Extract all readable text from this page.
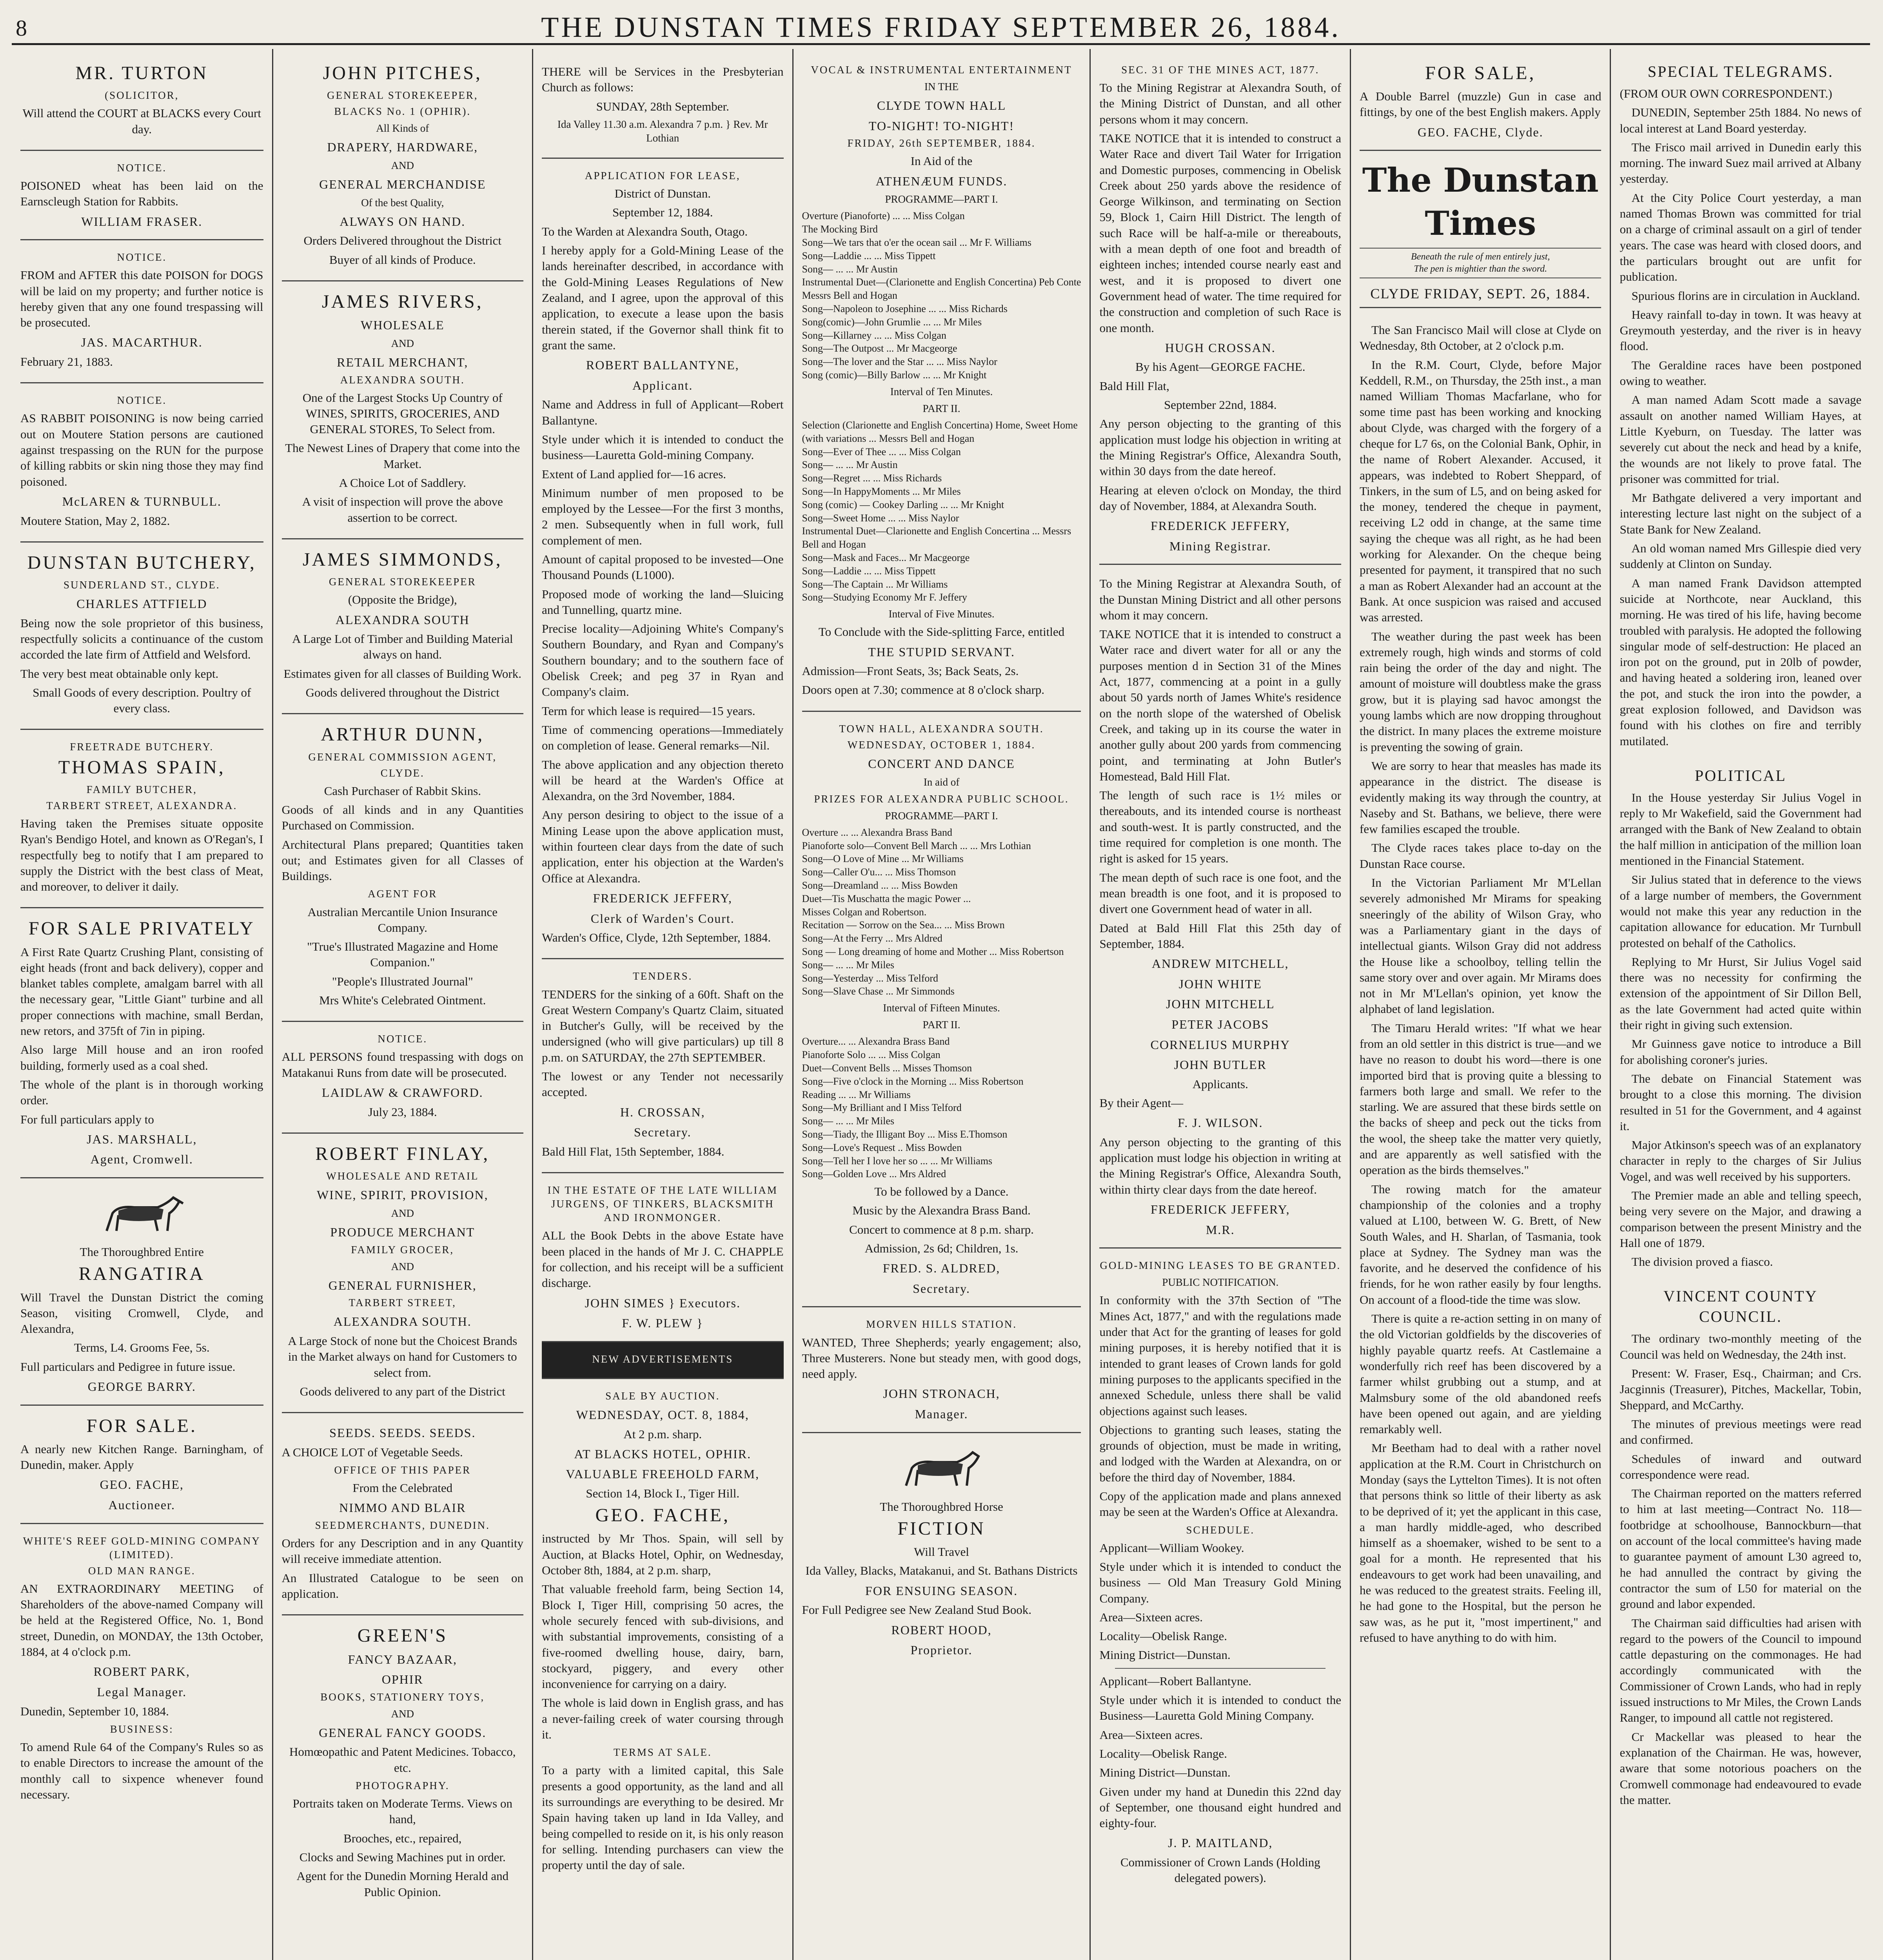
8	THE DUNSTAN TIMES FRIDAY SEPTEMBER 26, 1884.
MR. TURTON
(SOLICITOR,

Will attend the COURT at BLACKS every Court day.

NOTICE.

POISONED wheat has been laid on the Earnscleugh Station for Rabbits.

WILLIAM FRASER.
NOTICE.

FROM and AFTER this date POISON for DOGS will be laid on my property; and further notice is hereby given that any one found trespassing will be prosecuted.

JAS. MACARTHUR.

February 21, 1883.

NOTICE.

AS RABBIT POISONING is now being carried out on Moutere Station persons are cautioned against trespassing on the RUN for the purpose of killing rabbits or skin ning those they may find poisoned.

McLAREN & TURNBULL.

Moutere Station, May 2, 1882.

DUNSTAN BUTCHERY,
SUNDERLAND ST., CLYDE.
CHARLES ATTFIELD

Being now the sole proprietor of this business, respectfully solicits a continuance of the custom accorded the late firm of Attfield and Welsford.

The very best meat obtainable only kept.

Small Goods of every description. Poultry of every class.

FREETRADE BUTCHERY.
THOMAS SPAIN,
FAMILY BUTCHER,
TARBERT STREET, ALEXANDRA.

Having taken the Premises situate opposite Ryan's Bendigo Hotel, and known as O'Regan's, I respectfully beg to notify that I am prepared to supply the District with the best class of Meat, and moreover, to deliver it daily.

FOR SALE PRIVATELY

A First Rate Quartz Crushing Plant, consisting of eight heads (front and back delivery), copper and blanket tables complete, amalgam barrel with all the necessary gear, "Little Giant" turbine and all proper connections with machine, small Berdan, new retors, and 375ft of 7in in piping.

Also large Mill house and an iron roofed building, formerly used as a coal shed.

The whole of the plant is in thorough working order.

For full particulars apply to

JAS. MARSHALL,
Agent, Cromwell.

The Thoroughbred Entire

RANGATIRA

Will Travel the Dunstan District the coming Season, visiting Cromwell, Clyde, and Alexandra,

Terms, L4. Grooms Fee, 5s.

Full particulars and Pedigree in future issue.

GEORGE BARRY.
FOR SALE.

A nearly new Kitchen Range. Barningham, of Dunedin, maker. Apply

GEO. FACHE,
Auctioneer.
WHITE'S REEF GOLD-MINING COMPANY (LIMITED).
OLD MAN RANGE.

AN EXTRAORDINARY MEETING of Shareholders of the above-named Company will be held at the Registered Office, No. 1, Bond street, Dunedin, on MONDAY, the 13th October, 1884, at 4 o'clock p.m.

ROBERT PARK,
Legal Manager.

Dunedin, September 10, 1884.

BUSINESS:

To amend Rule 64 of the Company's Rules so as to enable Directors to increase the amount of the monthly call to sixpence whenever found necessary.

JOHN PITCHES,
GENERAL STOREKEEPER,
BLACKS No. 1 (OPHIR).

All Kinds of

DRAPERY, HARDWARE,

AND

GENERAL MERCHANDISE

Of the best Quality,

ALWAYS ON HAND.

Orders Delivered throughout the District

Buyer of all kinds of Produce.

JAMES RIVERS,
WHOLESALE

AND

RETAIL MERCHANT,
ALEXANDRA SOUTH.

One of the Largest Stocks Up Country of WINES, SPIRITS, GROCERIES, AND GENERAL STORES, To Select from.

The Newest Lines of Drapery that come into the Market.

A Choice Lot of Saddlery.

A visit of inspection will prove the above assertion to be correct.

JAMES SIMMONDS,
GENERAL STOREKEEPER

(Opposite the Bridge),

ALEXANDRA SOUTH

A Large Lot of Timber and Building Material always on hand.

Estimates given for all classes of Building Work.

Goods delivered throughout the District

ARTHUR DUNN,
GENERAL COMMISSION AGENT,
CLYDE.

Cash Purchaser of Rabbit Skins.

Goods of all kinds and in any Quantities Purchased on Commission.

Architectural Plans prepared; Quantities taken out; and Estimates given for all Classes of Buildings.

AGENT FOR

Australian Mercantile Union Insurance Company.

"True's Illustrated Magazine and Home Companion."

"People's Illustrated Journal"

Mrs White's Celebrated Ointment.

NOTICE.

ALL PERSONS found trespassing with dogs on Matakanui Runs from date will be prosecuted.

LAIDLAW & CRAWFORD.

July 23, 1884.

ROBERT FINLAY,
WHOLESALE AND RETAIL
WINE, SPIRIT, PROVISION,

AND

PRODUCE MERCHANT
FAMILY GROCER,

AND

GENERAL FURNISHER,
TARBERT STREET,
ALEXANDRA SOUTH.

A Large Stock of none but the Choicest Brands in the Market always on hand for Customers to select from.

Goods delivered to any part of the District

SEEDS. SEEDS. SEEDS.

A CHOICE LOT of Vegetable Seeds.

OFFICE OF THIS PAPER

From the Celebrated

NIMMO AND BLAIR
SEEDMERCHANTS, DUNEDIN.

Orders for any Description and in any Quantity will receive immediate attention.

An Illustrated Catalogue to be seen on application.

GREEN'S
FANCY BAZAAR,
OPHIR
BOOKS, STATIONERY TOYS,

AND

GENERAL FANCY GOODS.

Homœopathic and Patent Medicines. Tobacco, etc.

PHOTOGRAPHY.

Portraits taken on Moderate Terms. Views on hand,

Brooches, etc., repaired,

Clocks and Sewing Machines put in order.

Agent for the Dunedin Morning Herald and Public Opinion.

THERE will be Services in the Presbyterian Church as follows:

SUNDAY, 28th September.

Ida Valley 11.30 a.m. Alexandra 7 p.m. } Rev. Mr Lothian

APPLICATION FOR LEASE,

District of Dunstan.

September 12, 1884.

To the Warden at Alexandra South, Otago.

I hereby apply for a Gold-Mining Lease of the lands hereinafter described, in accordance with the Gold-Mining Leases Regulations of New Zealand, and I agree, upon the approval of this application, to execute a lease upon the basis therein stated, if the Governor shall think fit to grant the same.

ROBERT BALLANTYNE,
Applicant.

Name and Address in full of Applicant—Robert Ballantyne.

Style under which it is intended to conduct the business—Lauretta Gold-mining Company.

Extent of Land applied for—16 acres.

Minimum number of men proposed to be employed by the Lessee—For the first 3 months, 2 men. Subsequently when in full work, full complement of men.

Amount of capital proposed to be invested—One Thousand Pounds (L1000).

Proposed mode of working the land—Sluicing and Tunnelling, quartz mine.

Precise locality—Adjoining White's Company's Southern Boundary, and Ryan and Company's Southern boundary; and to the southern face of Obelisk Creek; and peg 37 in Ryan and Company's claim.

Term for which lease is required—15 years.

Time of commencing operations—Immediately on completion of lease. General remarks—Nil.

The above application and any objection thereto will be heard at the Warden's Office at Alexandra, on the 3rd November, 1884.

Any person desiring to object to the issue of a Mining Lease upon the above application must, within fourteen clear days from the date of such application, enter his objection at the Warden's Office at Alexandra.

FREDERICK JEFFERY,
Clerk of Warden's Court.

Warden's Office, Clyde, 12th September, 1884.

TENDERS.

TENDERS for the sinking of a 60ft. Shaft on the Great Western Company's Quartz Claim, situated in Butcher's Gully, will be received by the undersigned (who will give particulars) up till 8 p.m. on SATURDAY, the 27th SEPTEMBER.

The lowest or any Tender not necessarily accepted.

H. CROSSAN,
Secretary.

Bald Hill Flat, 15th September, 1884.

IN THE ESTATE OF THE LATE WILLIAM JURGENS, OF TINKERS, BLACKSMITH AND IRONMONGER.

ALL the Book Debts in the above Estate have been placed in the hands of Mr J. C. CHAPPLE for collection, and his receipt will be a sufficient discharge.

JOHN SIMES } Executors.
F. W. PLEW }
NEW ADVERTISEMENTS
SALE BY AUCTION.
WEDNESDAY, OCT. 8, 1884,

At 2 p.m. sharp.

AT BLACKS HOTEL, OPHIR.
VALUABLE FREEHOLD FARM,

Section 14, Block I., Tiger Hill.

GEO. FACHE,

instructed by Mr Thos. Spain, will sell by Auction, at Blacks Hotel, Ophir, on Wednesday, October 8th, 1884, at 2 p.m. sharp,

That valuable freehold farm, being Section 14, Block I, Tiger Hill, comprising 50 acres, the whole securely fenced with sub-divisions, and with substantial improvements, consisting of a five-roomed dwelling house, dairy, barn, stockyard, piggery, and every other inconvenience for carrying on a dairy.

The whole is laid down in English grass, and has a never-failing creek of water coursing through it.

TERMS AT SALE.

To a party with a limited capital, this Sale presents a good opportunity, as the land and all its surroundings are everything to be desired. Mr Spain having taken up land in Ida Valley, and being compelled to reside on it, is his only reason for selling. Intending purchasers can view the property until the day of sale.

VOCAL & INSTRUMENTAL ENTERTAINMENT

IN THE

CLYDE TOWN HALL
TO-NIGHT! TO-NIGHT!
FRIDAY, 26th SEPTEMBER, 1884.

In Aid of the

ATHENÆUM FUNDS.

PROGRAMME—PART I.

Overture (Pianoforte) ... ... Miss Colgan
The Mocking Bird
Song—We tars that o'er the ocean sail ... Mr F. Williams
Song—Laddie ... ... Miss Tippett
Song— ... ... Mr Austin
Instrumental Duet—(Clarionette and English Concertina) Peb Conte
Messrs Bell and Hogan
Song—Napoleon to Josephine ... ... Miss Richards
Song(comic)—John Grumlie ... ... Mr Miles
Song—Killarney ... ... Miss Colgan
Song—The Outpost ... Mr Macgeorge
Song—The lover and the Star ... ... Miss Naylor
Song (comic)—Billy Barlow ... ... Mr Knight

Interval of Ten Minutes.

PART II.

Selection (Clarionette and English Concertina) Home, Sweet Home (with variations ... Messrs Bell and Hogan
Song—Ever of Thee ... ... Miss Colgan
Song— ... ... Mr Austin
Song—Regret ... ... Miss Richards
Song—In HappyMoments ... Mr Miles
Song (comic) — Cookey Darling ... ... Mr Knight
Song—Sweet Home ... ... Miss Naylor
Instrumental Duet—Clarionette and English Concertina ... Messrs Bell and Hogan
Song—Mask and Faces... Mr Macgeorge
Song—Laddie ... ... Miss Tippett
Song—The Captain ... Mr Williams
Song—Studying Economy Mr F. Jeffery

Interval of Five Minutes.

To Conclude with the Side-splitting Farce, entitled

THE STUPID SERVANT.

Admission—Front Seats, 3s; Back Seats, 2s.

Doors open at 7.30; commence at 8 o'clock sharp.

TOWN HALL, ALEXANDRA SOUTH.
WEDNESDAY, OCTOBER 1, 1884.
CONCERT AND DANCE

In aid of

PRIZES FOR ALEXANDRA PUBLIC SCHOOL.

PROGRAMME—PART I.

Overture ... ... Alexandra Brass Band
Pianoforte solo—Convent Bell March ... ... Mrs Lothian
Song—O Love of Mine ... Mr Williams
Song—Caller O'u... ... Miss Thomson
Song—Dreamland ... ... Miss Bowden
Duet—Tis Muschatta the magic Power ...
Misses Colgan and Robertson.
Recitation — Sorrow on the Sea... ... Miss Brown
Song—At the Ferry ... Mrs Aldred
Song — Long dreaming of home and Mother ... Miss Robertson
Song— ... ... Mr Miles
Song—Yesterday ... Miss Telford
Song—Slave Chase ... Mr Simmonds

Interval of Fifteen Minutes.

PART II.

Overture... ... Alexandra Brass Band
Pianoforte Solo ... ... Miss Colgan
Duet—Convent Bells ... Misses Thomson
Song—Five o'clock in the Morning ... Miss Robertson
Reading ... ... Mr Williams
Song—My Brilliant and I Miss Telford
Song— ... ... Mr Miles
Song—Tiady, the Illigant Boy ... Miss E.Thomson
Song—Love's Request .. Miss Bowden
Song—Tell her I love her so ... ... Mr Williams
Song—Golden Love ... Mrs Aldred

To be followed by a Dance.

Music by the Alexandra Brass Band.

Concert to commence at 8 p.m. sharp.

Admission, 2s 6d; Children, 1s.

FRED. S. ALDRED,
Secretary.
MORVEN HILLS STATION.

WANTED, Three Shepherds; yearly engagement; also, Three Musterers. None but steady men, with good dogs, need apply.

JOHN STRONACH,
Manager.

The Thoroughbred Horse

FICTION

Will Travel

Ida Valley, Blacks, Matakanui, and St. Bathans Districts

FOR ENSUING SEASON.

For Full Pedigree see New Zealand Stud Book.

ROBERT HOOD,
Proprietor.
SEC. 31 OF THE MINES ACT, 1877.

To the Mining Registrar at Alexandra South, of the Mining District of Dunstan, and all other persons whom it may concern.

TAKE NOTICE that it is intended to construct a Water Race and divert Tail Water for Irrigation and Domestic purposes, commencing in Obelisk Creek about 250 yards above the residence of George Wilkinson, and terminating on Section 59, Block 1, Cairn Hill District. The length of such Race will be half-a-mile or thereabouts, with a mean depth of one foot and breadth of eighteen inches; intended course nearly east and west, and it is proposed to divert one Government head of water. The time required for the construction and completion of such Race is one month.

HUGH CROSSAN.

By his Agent—GEORGE FACHE.

Bald Hill Flat,

September 22nd, 1884.

Any person objecting to the granting of this application must lodge his objection in writing at the Mining Registrar's Office, Alexandra South, within 30 days from the date hereof.

Hearing at eleven o'clock on Monday, the third day of November, 1884, at Alexandra South.

FREDERICK JEFFERY,
Mining Registrar.

To the Mining Registrar at Alexandra South, of the Dunstan Mining District and all other persons whom it may concern.

TAKE NOTICE that it is intended to construct a Water race and divert water for all or any the purposes mention d in Section 31 of the Mines Act, 1877, commencing at a point in a gully about 50 yards north of James White's residence on the north slope of the watershed of Obelisk Creek, and taking up in its course the water in another gully about 200 yards from commencing point, and terminating at John Butler's Homestead, Bald Hill Flat.

The length of such race is 1½ miles or thereabouts, and its intended course is northeast and south-west. It is partly constructed, and the time required for completion is one month. The right is asked for 15 years.

The mean depth of such race is one foot, and the mean breadth is one foot, and it is proposed to divert one Government head of water in all.

Dated at Bald Hill Flat this 25th day of September, 1884.

ANDREW MITCHELL,
JOHN WHITE
JOHN MITCHELL
PETER JACOBS
CORNELIUS MURPHY
JOHN BUTLER

Applicants.

By their Agent—

F. J. WILSON.

Any person objecting to the granting of this application must lodge his objection in writing at the Mining Registrar's Office, Alexandra South, within thirty clear days from the date hereof.

FREDERICK JEFFERY,
M.R.
GOLD-MINING LEASES TO BE GRANTED.

PUBLIC NOTIFICATION.

In conformity with the 37th Section of "The Mines Act, 1877," and with the regulations made under that Act for the granting of leases for gold mining purposes, it is hereby notified that it is intended to grant leases of Crown lands for gold mining purposes to the applicants specified in the annexed Schedule, unless there shall be valid objections against such leases.

Objections to granting such leases, stating the grounds of objection, must be made in writing, and lodged with the Warden at Alexandra, on or before the third day of November, 1884.

Copy of the application made and plans annexed may be seen at the Warden's Office at Alexandra.

SCHEDULE.

Applicant—William Wookey.

Style under which it is intended to conduct the business — Old Man Treasury Gold Mining Company.

Area—Sixteen acres.

Locality—Obelisk Range.

Mining District—Dunstan.

Applicant—Robert Ballantyne.

Style under which it is intended to conduct the Business—Lauretta Gold Mining Company.

Area—Sixteen acres.

Locality—Obelisk Range.

Mining District—Dunstan.

Given under my hand at Dunedin this 22nd day of September, one thousand eight hundred and eighty-four.

J. P. MAITLAND,

Commissioner of Crown Lands (Holding delegated powers).

FOR SALE,

A Double Barrel (muzzle) Gun in case and fittings, by one of the best English makers. Apply

GEO. FACHE, Clyde.
The Dunstan Times
Beneath the rule of men entirely just,
The pen is mightier than the sword.
CLYDE FRIDAY, SEPT. 26, 1884.

The San Francisco Mail will close at Clyde on Wednesday, 8th October, at 2 o'clock p.m.

In the R.M. Court, Clyde, before Major Keddell, R.M., on Thursday, the 25th inst., a man named William Thomas Macfarlane, who for some time past has been working and knocking about Clyde, was charged with the forgery of a cheque for L7 6s, on the Colonial Bank, Ophir, in the name of Robert Alexander. Accused, it appears, was indebted to Robert Sheppard, of Tinkers, in the sum of L5, and on being asked for the money, tendered the cheque in payment, receiving L2 odd in change, at the same time saying the cheque was all right, as he had been working for Alexander. On the cheque being presented for payment, it transpired that no such a man as Robert Alexander had an account at the Bank. At once suspicion was raised and accused was arrested.

The weather during the past week has been extremely rough, high winds and storms of cold rain being the order of the day and night. The amount of moisture will doubtless make the grass grow, but it is playing sad havoc amongst the young lambs which are now dropping throughout the district. In many places the extreme moisture is preventing the sowing of grain.

We are sorry to hear that measles has made its appearance in the district. The disease is evidently making its way through the country, at Naseby and St. Bathans, we believe, there were few families escaped the trouble.

The Clyde races takes place to-day on the Dunstan Race course.

In the Victorian Parliament Mr M'Lellan severely admonished Mr Mirams for speaking sneeringly of the ability of Wilson Gray, who was a Parliamentary giant in the days of intellectual giants. Wilson Gray did not address the House like a schoolboy, telling tellin the same story over and over again. Mr Mirams does not in Mr M'Lellan's opinion, yet know the alphabet of land legislation.

The Timaru Herald writes: "If what we hear from an old settler in this district is true—and we have no reason to doubt his word—there is one imported bird that is proving quite a blessing to farmers both large and small. We refer to the starling. We are assured that these birds settle on the backs of sheep and peck out the ticks from the wool, the sheep take the matter very quietly, and are apparently as well satisfied with the operation as the birds themselves."

The rowing match for the amateur championship of the colonies and a trophy valued at L100, between W. G. Brett, of New South Wales, and H. Sharlan, of Tasmania, took place at Sydney. The Sydney man was the favorite, and he deserved the confidence of his friends, for he won rather easily by four lengths. On account of a flood-tide the time was slow.

There is quite a re-action setting in on many of the old Victorian goldfields by the discoveries of highly payable quartz reefs. At Castlemaine a wonderfully rich reef has been discovered by a farmer whilst grubbing out a stump, and at Malmsbury some of the old abandoned reefs have been opened out again, and are yielding remarkably well.

Mr Beetham had to deal with a rather novel application at the R.M. Court in Christchurch on Monday (says the Lyttelton Times). It is not often that persons think so little of their liberty as ask to be deprived of it; yet the applicant in this case, a man hardly middle-aged, who described himself as a shoemaker, wished to be sent to a goal for a month. He represented that his endeavours to get work had been unavailing, and he was reduced to the greatest straits. Feeling ill, he had gone to the Hospital, but the person he saw was, as he put it, "most impertinent," and refused to have anything to do with him.

SPECIAL TELEGRAMS.

(FROM OUR OWN CORRESPONDENT.)

DUNEDIN, September 25th 1884. No news of local interest at Land Board yesterday.

The Frisco mail arrived in Dunedin early this morning. The inward Suez mail arrived at Albany yesterday.

At the City Police Court yesterday, a man named Thomas Brown was committed for trial on a charge of criminal assault on a girl of tender years. The case was heard with closed doors, and the particulars brought out are unfit for publication.

Spurious florins are in circulation in Auckland.

Heavy rainfall to-day in town. It was heavy at Greymouth yesterday, and the river is in heavy flood.

The Geraldine races have been postponed owing to weather.

A man named Adam Scott made a savage assault on another named William Hayes, at Little Kyeburn, on Tuesday. The latter was severely cut about the neck and head by a knife, the wounds are not likely to prove fatal. The prisoner was committed for trial.

Mr Bathgate delivered a very important and interesting lecture last night on the subject of a State Bank for New Zealand.

An old woman named Mrs Gillespie died very suddenly at Clinton on Sunday.

A man named Frank Davidson attempted suicide at Northcote, near Auckland, this morning. He was tired of his life, having become troubled with paralysis. He adopted the following singular mode of self-destruction: He placed an iron pot on the ground, put in 20lb of powder, and having heated a soldering iron, leaned over the pot, and stuck the iron into the powder, a great explosion followed, and Davidson was found with his clothes on fire and terribly mutilated.

POLITICAL

In the House yesterday Sir Julius Vogel in reply to Mr Wakefield, said the Government had arranged with the Bank of New Zealand to obtain the half million in anticipation of the million loan mentioned in the Financial Statement.

Sir Julius stated that in deference to the views of a large number of members, the Government would not make this year any reduction in the capitation allowance for education. Mr Turnbull protested on behalf of the Catholics.

Replying to Mr Hurst, Sir Julius Vogel said there was no necessity for confirming the extension of the appointment of Sir Dillon Bell, as the late Government had acted quite within their right in giving such extension.

Mr Guinness gave notice to introduce a Bill for abolishing coroner's juries.

The debate on Financial Statement was brought to a close this morning. The division resulted in 51 for the Government, and 4 against it.

Major Atkinson's speech was of an explanatory character in reply to the charges of Sir Julius Vogel, and was well received by his supporters.

The Premier made an able and telling speech, being very severe on the Major, and drawing a comparison between the present Ministry and the Hall one of 1879.

The division proved a fiasco.

VINCENT COUNTY COUNCIL.

The ordinary two-monthly meeting of the Council was held on Wednesday, the 24th inst.

Present: W. Fraser, Esq., Chairman; and Crs. Jacginnis (Treasurer), Pitches, Mackellar, Tobin, Sheppard, and McCarthy.

The minutes of previous meetings were read and confirmed.

Schedules of inward and outward correspondence were read.

The Chairman reported on the matters referred to him at last meeting—Contract No. 118—footbridge at schoolhouse, Bannockburn—that on account of the local committee's having made to guarantee payment of amount L30 agreed to, he had annulled the contract by giving the contractor the sum of L50 for material on the ground and labor expended.

The Chairman said difficulties had arisen with regard to the powers of the Council to impound cattle depasturing on the commonages. He had accordingly communicated with the Commissioner of Crown Lands, who had in reply issued instructions to Mr Miles, the Crown Lands Ranger, to impound all cattle not registered.

Cr Mackellar was pleased to hear the explanation of the Chairman. He was, however, aware that some notorious poachers on the Cromwell commonage had endeavoured to evade the matter.
